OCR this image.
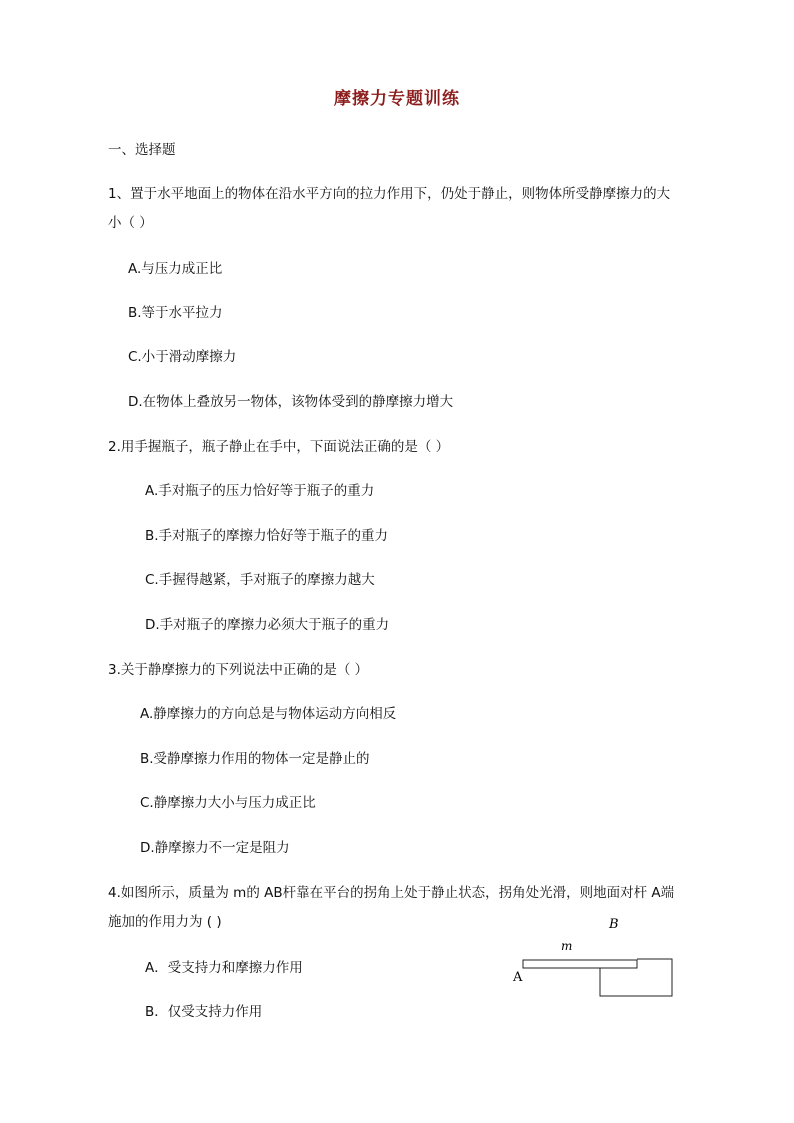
摩擦力专题训练
一、选择题
1、置于水平地面上的物体在沿水平方向的拉力作用下，仍处于静止，则物体所受静摩擦力的大
小（ ）
A.与压力成正比
B.等于水平拉力
C.小于滑动摩擦力
D.在物体上叠放另一物体，该物体受到的静摩擦力增大
2.用手握瓶子，瓶子静止在手中，下面说法正确的是（ ）
A.手对瓶子的压力恰好等于瓶子的重力
B.手对瓶子的摩擦力恰好等于瓶子的重力
C.手握得越紧，手对瓶子的摩擦力越大
D.手对瓶子的摩擦力必须大于瓶子的重力
3.关于静摩擦力的下列说法中正确的是（ ）
A.静摩擦力的方向总是与物体运动方向相反
B.受静摩擦力作用的物体一定是静止的
C.静摩擦力大小与压力成正比
D.静摩擦力不一定是阻力
4.如图所示，质量为 m的 AB杆靠在平台的拐角上处于静止状态，拐角处光滑，则地面对杆 A端
施加的作用力为 ( )
A．受支持力和摩擦力作用
B．仅受支持力作用
B
m
A
